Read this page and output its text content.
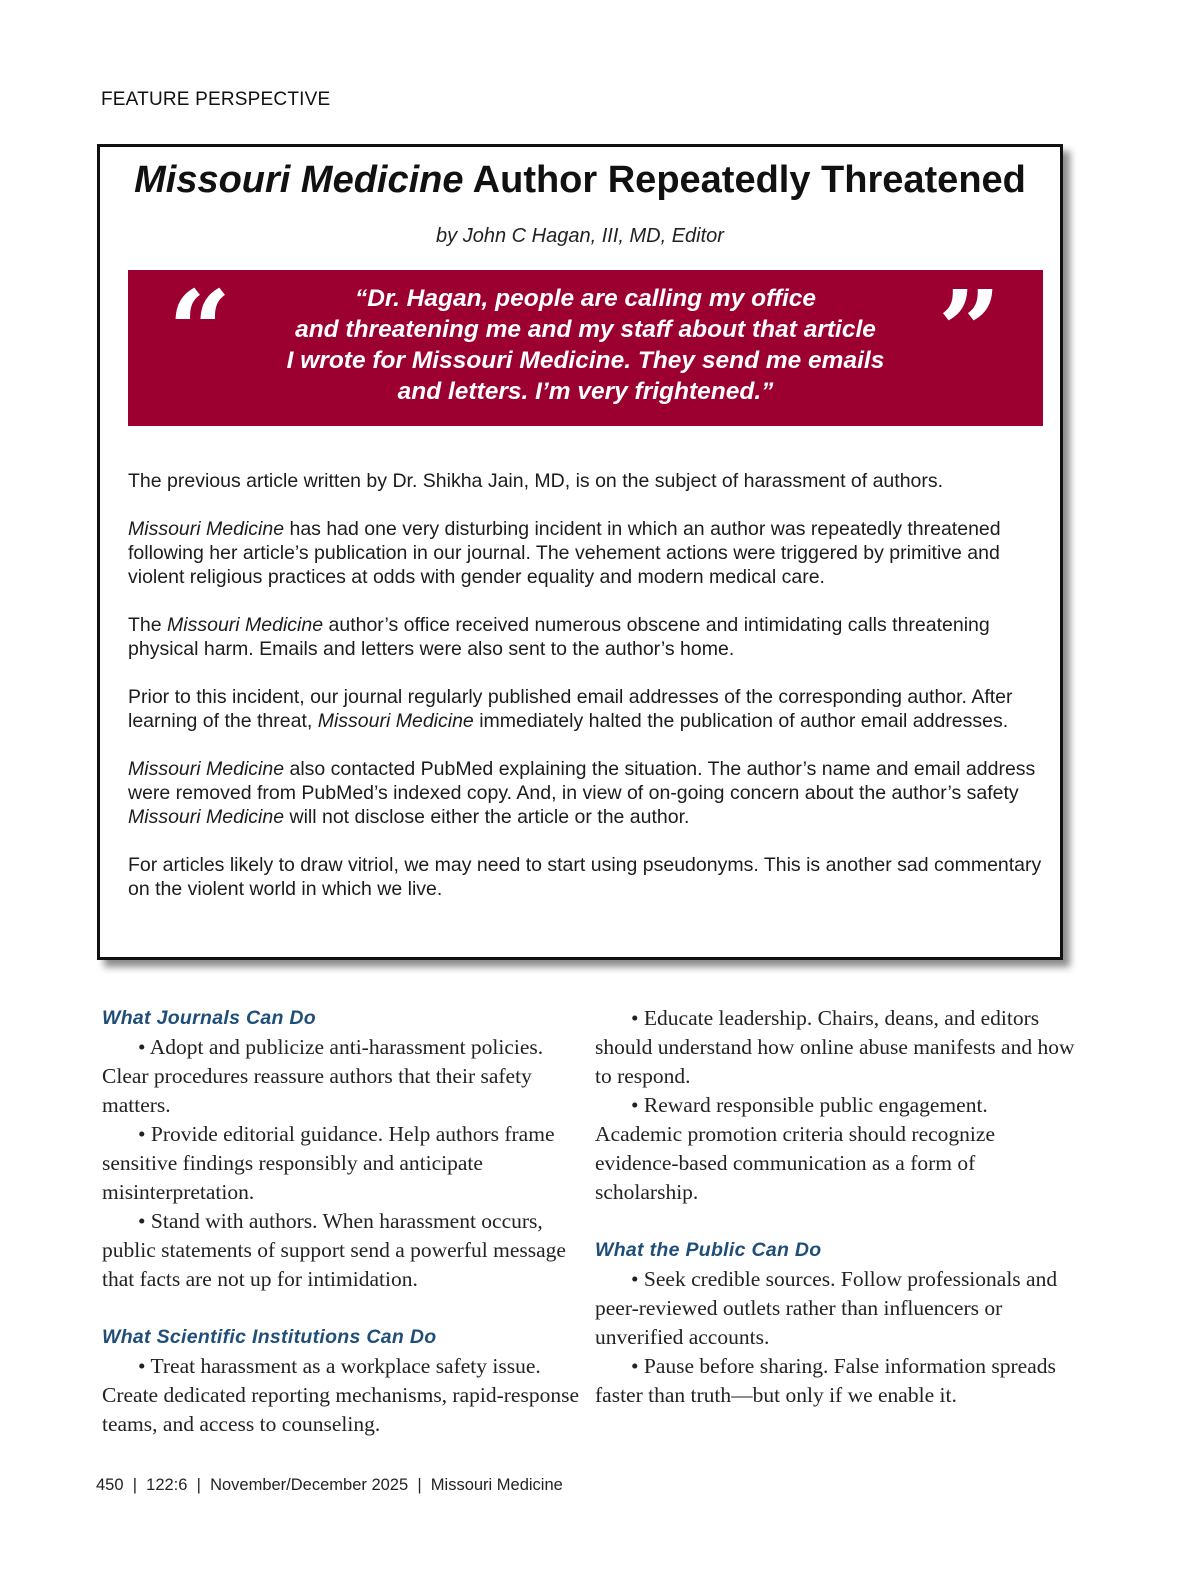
FEATURE PERSPECTIVE
Missouri Medicine Author Repeatedly Threatened
by John C Hagan, III, MD, Editor
“	“Dr. Hagan, people are calling my office
and threatening me and my staff about that article
I wrote for Missouri Medicine. They send me emails
and letters. I’m very frightened.”	”

The previous article written by Dr. Shikha Jain, MD, is on the subject of harassment of authors.

Missouri Medicine has had one very disturbing incident in which an author was repeatedly threatened following her article’s publication in our journal. The vehement actions were triggered by primitive and violent religious practices at odds with gender equality and modern medical care.

The Missouri Medicine author’s office received numerous obscene and intimidating calls threatening physical harm. Emails and letters were also sent to the author’s home.

Prior to this incident, our journal regularly published email addresses of the corresponding author. After learning of the threat, Missouri Medicine immediately halted the publication of author email addresses.

Missouri Medicine also contacted PubMed explaining the situation. The author’s name and email address were removed from PubMed’s indexed copy. And, in view of on-going concern about the author’s safety Missouri Medicine will not disclose either the article or the author.

For articles likely to draw vitriol, we may need to start using pseudonyms. This is another sad commentary on the violent world in which we live.

What Journals Can Do

• Adopt and publicize anti-harassment policies. Clear procedures reassure authors that their safety matters.

• Provide editorial guidance. Help authors frame sensitive findings responsibly and anticipate misinterpretation.

• Stand with authors. When harassment occurs, public statements of support send a powerful message that facts are not up for intimidation.

What Scientific Institutions Can Do

• Treat harassment as a workplace safety issue. Create dedicated reporting mechanisms, rapid-response teams, and access to counseling.

• Educate leadership. Chairs, deans, and editors should understand how online abuse manifests and how to respond.

• Reward responsible public engagement. Academic promotion criteria should recognize evidence-based communication as a form of scholarship.

What the Public Can Do

• Seek credible sources. Follow professionals and peer-reviewed outlets rather than influencers or unverified accounts.

• Pause before sharing. False information spreads faster than truth—but only if we enable it.

450  |  122:6  |  November/December 2025  |  Missouri Medicine
